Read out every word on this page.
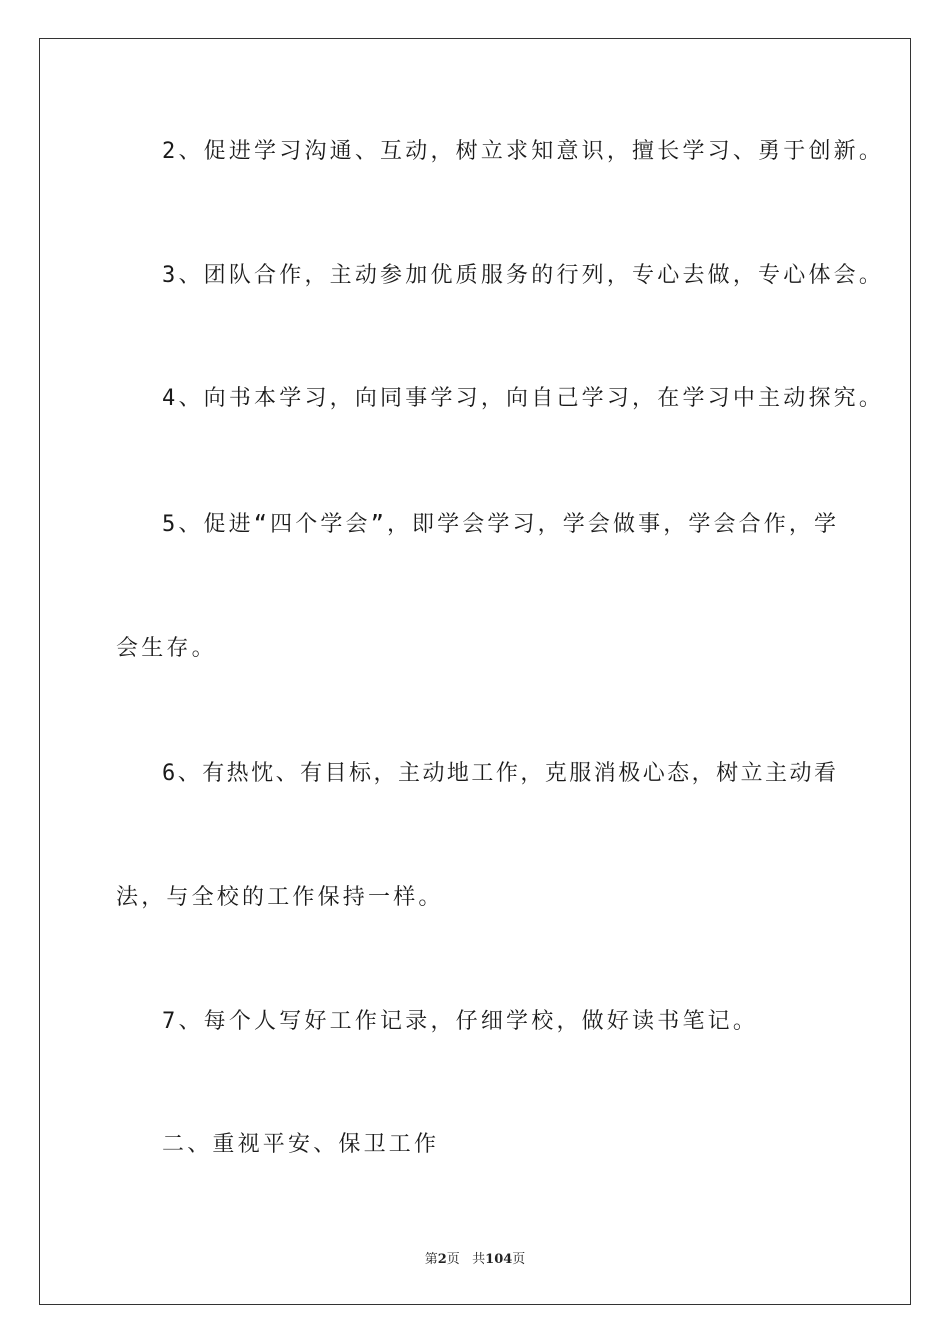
2、促进学习沟通、互动，树立求知意识，擅长学习、勇于创新。
3、团队合作，主动参加优质服务的行列，专心去做，专心体会。
4、向书本学习，向同事学习，向自己学习，在学习中主动探究。
5、促进“四个学会”，即学会学习，学会做事，学会合作，学
会生存。
6、有热忱、有目标，主动地工作，克服消极心态，树立主动看
法，与全校的工作保持一样。
7、每个人写好工作记录，仔细学校，做好读书笔记。
二、重视平安、保卫工作
第2页   共104页
